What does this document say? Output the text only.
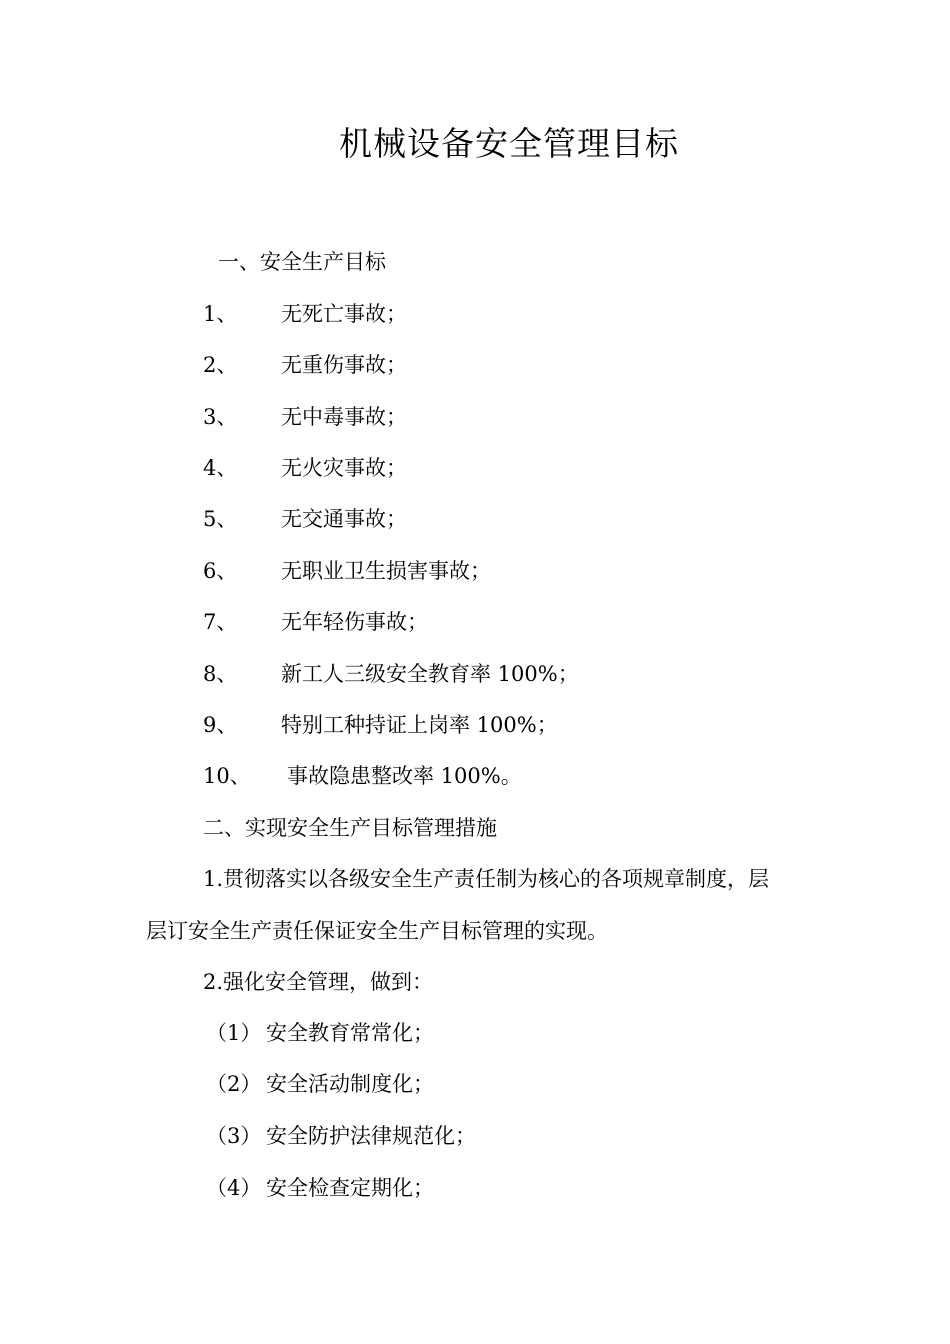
机械设备安全管理目标
一、安全生产目标
1、 无死亡事故；
2、 无重伤事故；
3、 无中毒事故；
4、 无火灾事故；
5、 无交通事故；
6、 无职业卫生损害事故；
7、 无年轻伤事故；
8、 新工人三级安全教育率 100%；
9、 特别工种持证上岗率 100%；
10、 事故隐患整改率 100%。
二、实现安全生产目标管理措施
1.贯彻落实以各级安全生产责任制为核心的各项规章制度，层
层订安全生产责任保证安全生产目标管理的实现。
2.强化安全管理，做到：
（1） 安全教育常常化；
（2） 安全活动制度化；
（3） 安全防护法律规范化；
（4） 安全检查定期化；
